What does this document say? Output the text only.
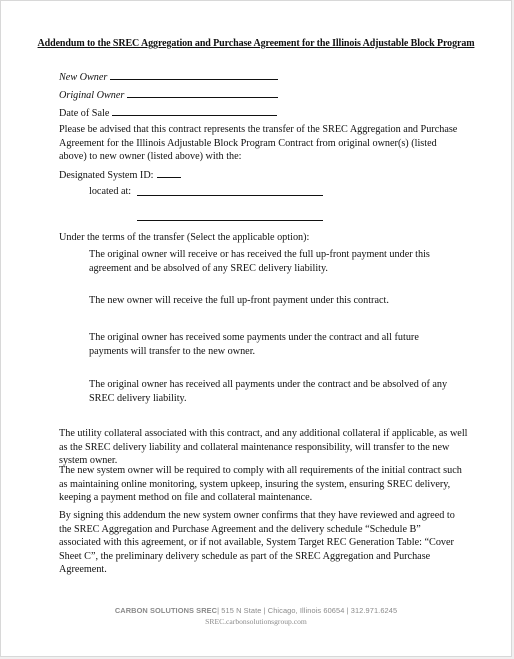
Addendum to the SREC Aggregation and Purchase Agreement for the Illinois Adjustable Block Program
New Owner
Original Owner
Date of Sale
Please be advised that this contract represents the transfer of the SREC Aggregation and Purchase Agreement for the Illinois Adjustable Block Program Contract from original owner(s) (listed above) to new owner (listed above) with the:
Designated System ID:
located at:
Under the terms of the transfer (Select the applicable option):
The original owner will receive or has received the full up-front payment under this agreement and be absolved of any SREC delivery liability.
The new owner will receive the full up-front payment under this contract.
The original owner has received some payments under the contract and all future payments will transfer to the new owner.
The original owner has received all payments under the contract and be absolved of any SREC delivery liability.
The utility collateral associated with this contract, and any additional collateral if applicable, as well as the SREC delivery liability and collateral maintenance responsibility, will transfer to the new system owner.
The new system owner will be required to comply with all requirements of the initial contract such as maintaining online monitoring, system upkeep, insuring the system, ensuring SREC delivery, keeping a payment method on file and collateral maintenance.
By signing this addendum the new system owner confirms that they have reviewed and agreed to the SREC Aggregation and Purchase Agreement and the delivery schedule “Schedule B” associated with this agreement, or if not available, System Target REC Generation Table: “Cover Sheet C”, the preliminary delivery schedule as part of the SREC Aggregation and Purchase Agreement.
CARBON SOLUTIONS SREC| 515 N State | Chicago, Illinois 60654 | 312.971.6245
SREC.carbonsolutionsgroup.com
